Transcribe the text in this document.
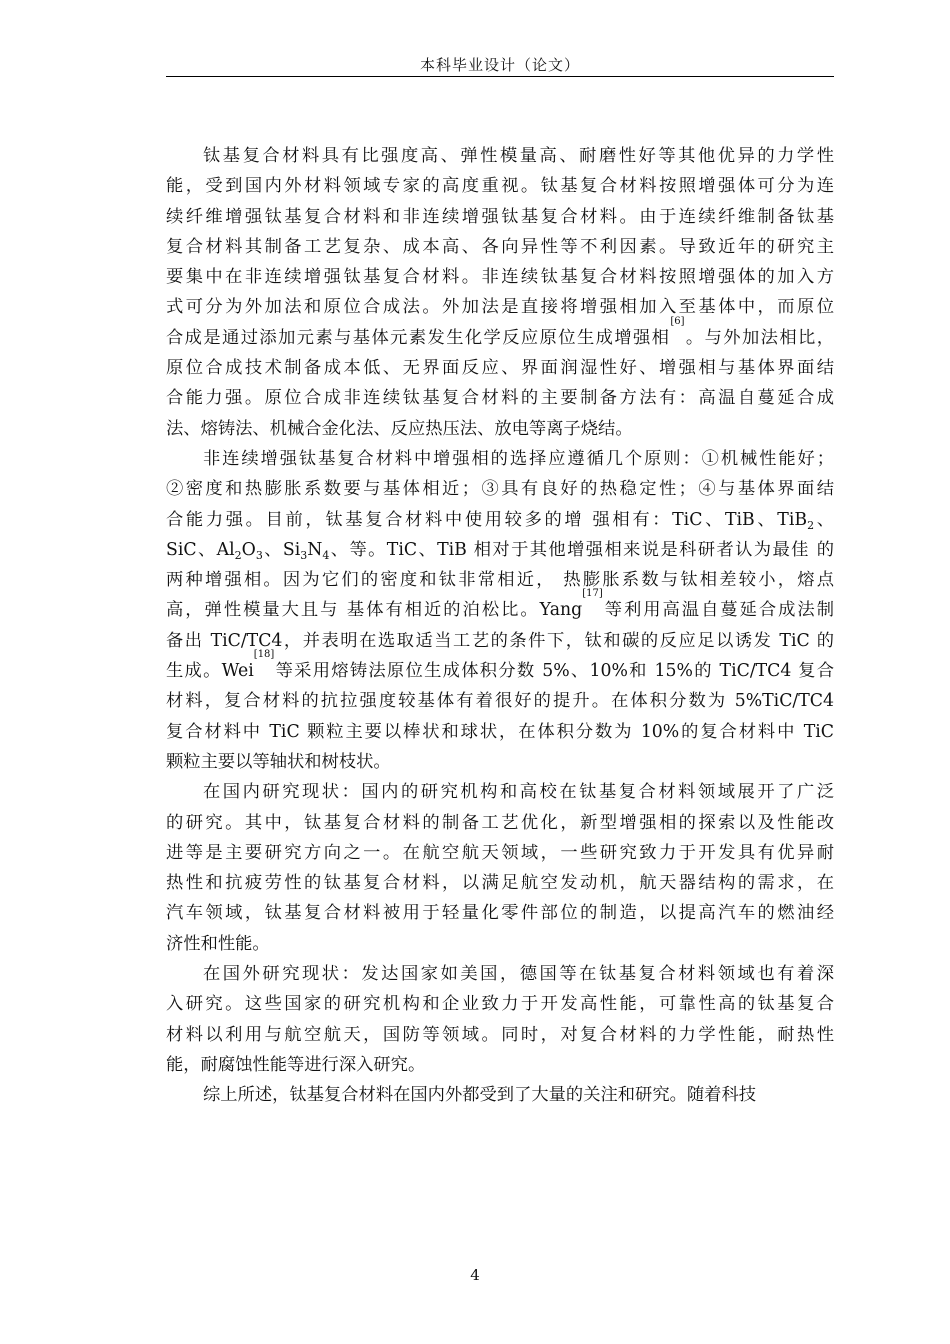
本科毕业设计（论文）
钛基复合材料具有比强度高、弹性模量高、耐磨性好等其他优异的力学性
能，受到国内外材料领域专家的高度重视。钛基复合材料按照增强体可分为连
续纤维增强钛基复合材料和非连续增强钛基复合材料。由于连续纤维制备钛基
复合材料其制备工艺复杂、成本高、各向异性等不利因素。导致近年的研究主
要集中在非连续增强钛基复合材料。非连续钛基复合材料按照增强体的加入方
式可分为外加法和原位合成法。外加法是直接将增强相加入至基体中，而原位
合成是通过添加元素与基体元素发生化学反应原位生成增强相[6]。与外加法相比，
原位合成技术制备成本低、无界面反应、界面润湿性好、增强相与基体界面结
合能力强。原位合成非连续钛基复合材料的主要制备方法有：高温自蔓延合成
法、熔铸法、机械合金化法、反应热压法、放电等离子烧结。
非连续增强钛基复合材料中增强相的选择应遵循几个原则：①机械性能好；
②密度和热膨胀系数要与基体相近；③具有良好的热稳定性；④与基体界面结
合能力强。目前，钛基复合材料中使用较多的增 强相有：TiC、TiB、TiB$_2$、
SiC、$Al_2O_3$、$Si_3N_4$、等。TiC、TiB 相对于其他增强相来说是科研者认为最佳 的
两种增强相。因为它们的密度和钛非常相近， 热膨胀系数与钛相差较小，熔点
高，弹性模量大且与 基体有相近的泊松比。Yang[17]等利用高温自蔓延合成法制
备出 TiC/TC4，并表明在选取适当工艺的条件下，钛和碳的反应足以诱发 TiC 的
生成。Wei[18]等采用熔铸法原位生成体积分数 5%、10%和 15%的 TiC/TC4 复合
材料，复合材料的抗拉强度较基体有着很好的提升。在体积分数为 5%TiC/TC4
复合材料中 TiC 颗粒主要以棒状和球状，在体积分数为 10%的复合材料中 TiC
颗粒主要以等轴状和树枝状。
在国内研究现状：国内的研究机构和高校在钛基复合材料领域展开了广泛
的研究。其中，钛基复合材料的制备工艺优化，新型增强相的探索以及性能改
进等是主要研究方向之一。在航空航天领域，一些研究致力于开发具有优异耐
热性和抗疲劳性的钛基复合材料，以满足航空发动机，航天器结构的需求，在
汽车领域，钛基复合材料被用于轻量化零件部位的制造，以提高汽车的燃油经
济性和性能。
在国外研究现状：发达国家如美国，德国等在钛基复合材料领域也有着深
入研究。这些国家的研究机构和企业致力于开发高性能，可靠性高的钛基复合
材料以利用与航空航天，国防等领域。同时，对复合材料的力学性能，耐热性
能，耐腐蚀性能等进行深入研究。
综上所述，钛基复合材料在国内外都受到了大量的关注和研究。随着科技
4
